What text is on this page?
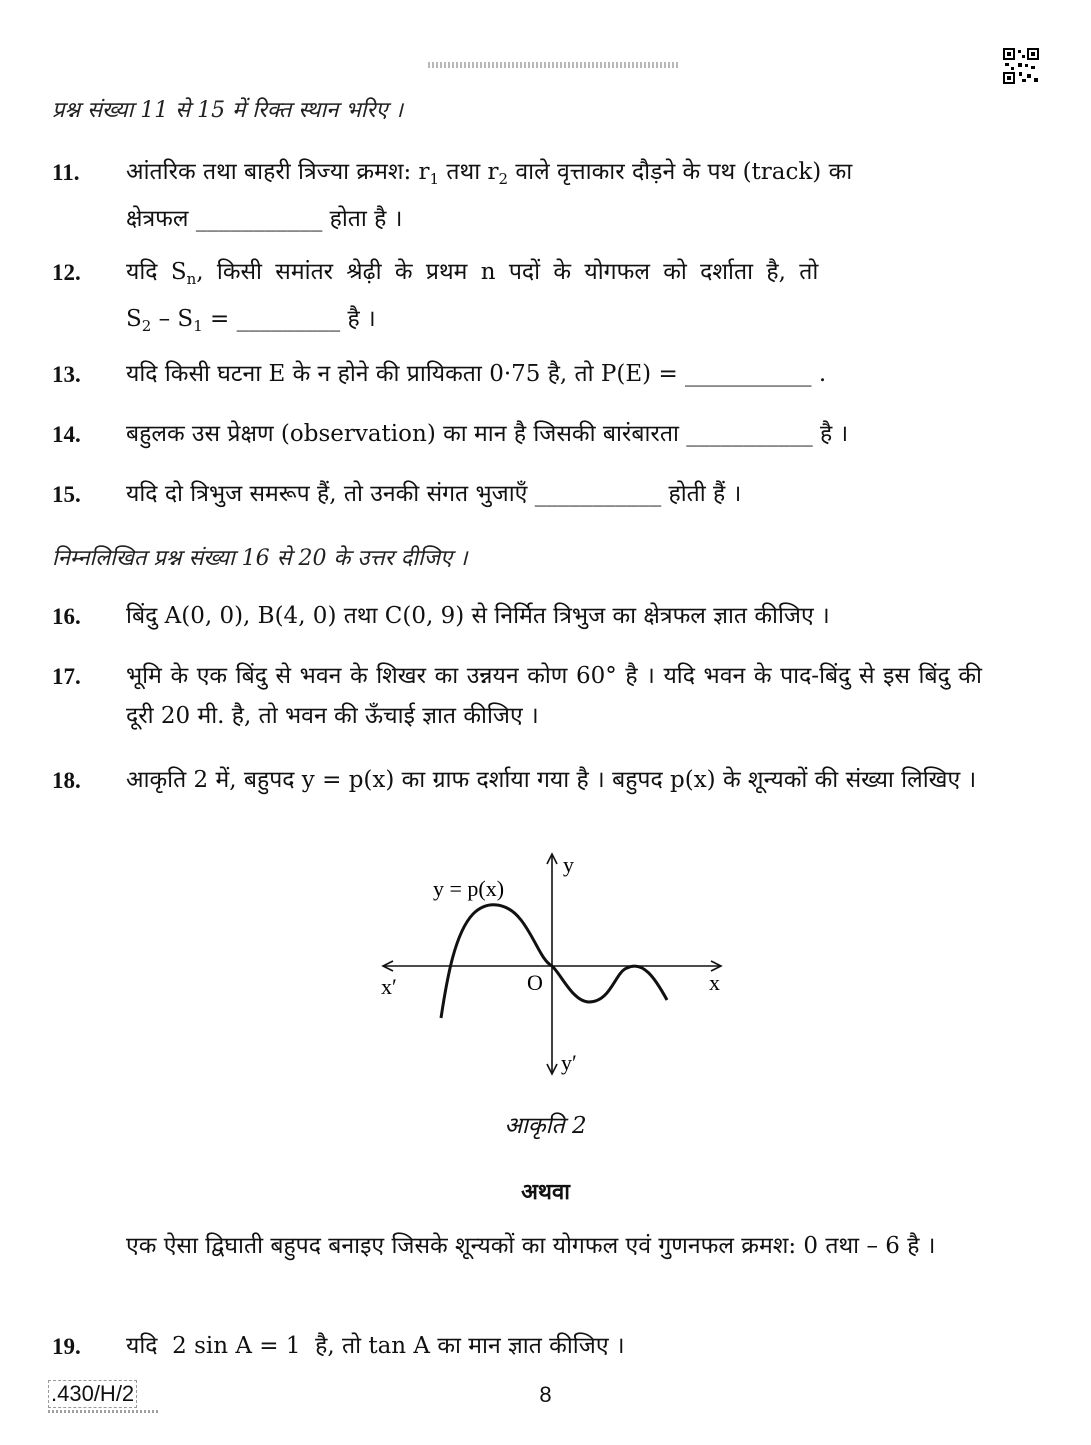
प्रश्न संख्या 11 से 15 में रिक्त स्थान भरिए ।
11. आंतरिक तथा बाहरी त्रिज्या क्रमश: $r_1$ तथा $r_2$ वाले वृत्ताकार दौड़ने के पथ (track) का
क्षेत्रफल ___________ होता है ।
12. यदि $S_n$, किसी समांतर श्रेढ़ी के प्रथम n पदों के योगफल को दर्शाता है, तो
$S_2 - S_1$ = _________ है ।
13. यदि किसी घटना E के न होने की प्रायिकता 0·75 है, तो P(E) = ___________ .
14. बहुलक उस प्रेक्षण (observation) का मान है जिसकी बारंबारता ___________ है ।
15. यदि दो त्रिभुज समरूप हैं, तो उनकी संगत भुजाएँ ___________ होती हैं ।
निम्नलिखित प्रश्न संख्या 16 से 20 के उत्तर दीजिए ।
16. बिंदु A(0, 0), B(4, 0) तथा C(0, 9) से निर्मित त्रिभुज का क्षेत्रफल ज्ञात कीजिए ।
17. भूमि के एक बिंदु से भवन के शिखर का उन्नयन कोण 60° है । यदि भवन के पाद-बिंदु से इस बिंदु की दूरी 20 मी. है, तो भवन की ऊँचाई ज्ञात कीजिए ।
18. आकृति 2 में, बहुपद y = p(x) का ग्राफ दर्शाया गया है । बहुपद p(x) के शून्यकों की संख्या लिखिए ।
y = p(x)
y
y′
x
x′	O
आकृति 2
अथवा
एक ऐसा द्विघाती बहुपद बनाइए जिसके शून्यकों का योगफल एवं गुणनफल क्रमश: 0 तथा – 6 है ।
19. यदि  2 sin A = 1  है, तो tan A का मान ज्ञात कीजिए ।
.430/H/2	8
